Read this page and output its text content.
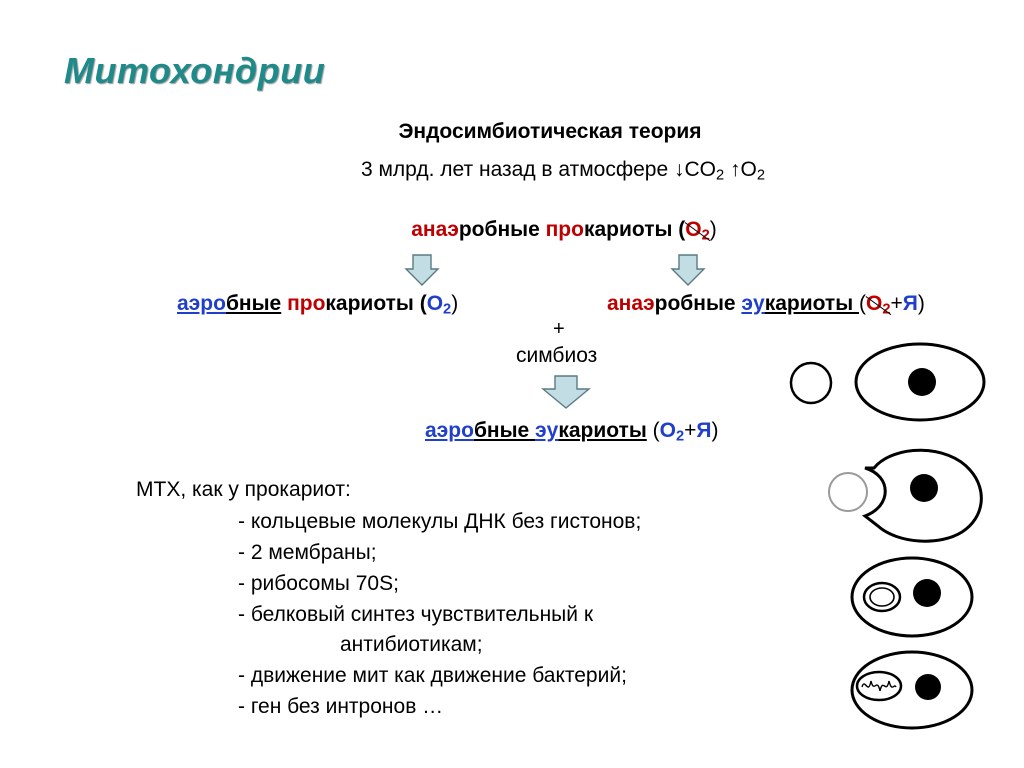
Митохондрии
Эндосимбиотическая теория
3 млрд. лет назад в атмосфере $↓CO_2$ $↑O_2$
анаэробные прокариоты $(O_2)$
аэробные прокариоты $(O_2)$	анаэробные эукариоты $(O_2+Я)$
+
симбиоз
аэробные эукариоты $(O_2+Я)$
МТХ, как у прокариот:
- кольцевые молекулы ДНК без гистонов;
- 2 мембраны;
- рибосомы 70S;
- белковый синтез чувствительный к
антибиотикам;
- движение мит как движение бактерий;
- ген без интронов …
